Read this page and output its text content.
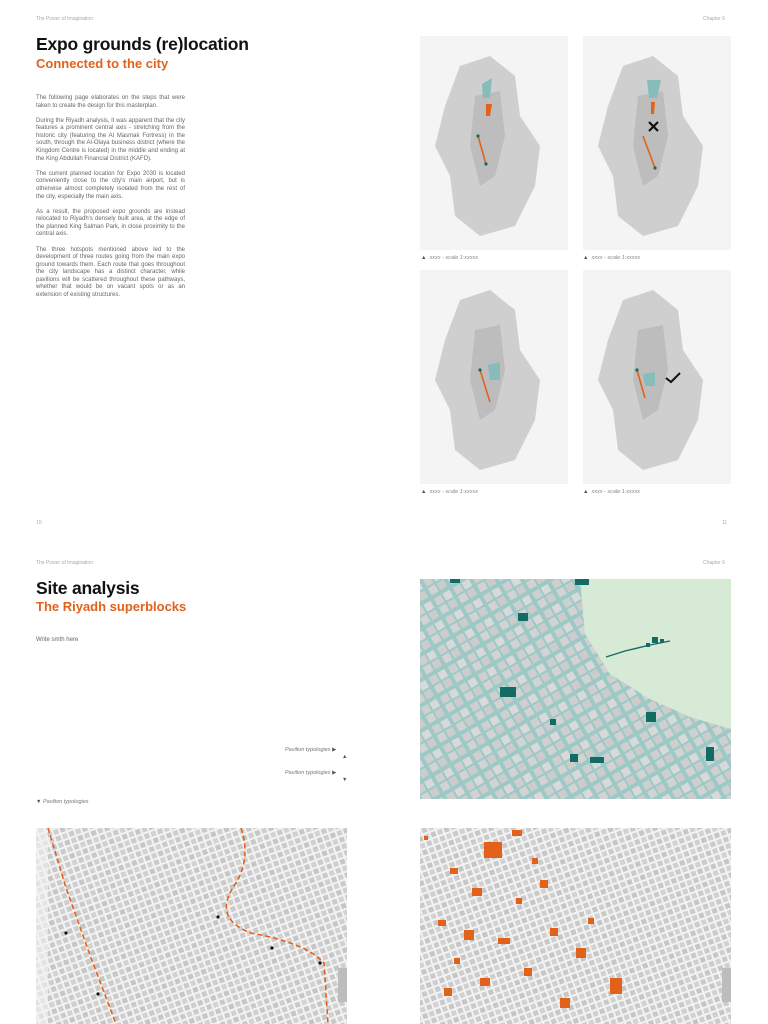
The Power of Imagination	Chapter 6
Expo grounds (re)location
Connected to the city

The following page elaborates on the steps that were taken to create the design for this masterplan.

During the Riyadh analysis, it was apparent that the city features a prominent central axis - stretching from the historic city (featuring the Al Masmak Fortress) in the south, through the Al-Olaya business district (where the Kingdom Centre is located) in the middle and ending at the King Abdullah Financial District (KAFD).

The current planned location for Expo 2030 is located conveniently close to the city's main airport, but is otherwise almost completely isolated from the rest of the city, especially the main axis.

As a result, the proposed expo grounds are instead relocated to Riyadh's densely built area, at the edge of the planned King Salman Park, in close proximity to the central axis.

The three hotspots mentioned above led to the development of three routes going from the main expo ground towards them. Each route that goes throughout the city landscape has a distinct character, while pavilions will be scattered throughout these pathways, whether that would be on vacant spots or as an extension of existing structures.

▲ xxxx - scale 1:xxxxx	▲ xxxx - scale 1:xxxxx
▲ xxxx - scale 1:xxxxx	▲ xxxx - scale 1:xxxxx
10	11
The Power of Imagination	Chapter 6
Site analysis
The Riyadh superblocks
Write smth here
Pavilion typologies ▶
▲
Pavilion typologies ▶
▼
▼ Pavilion typologies
